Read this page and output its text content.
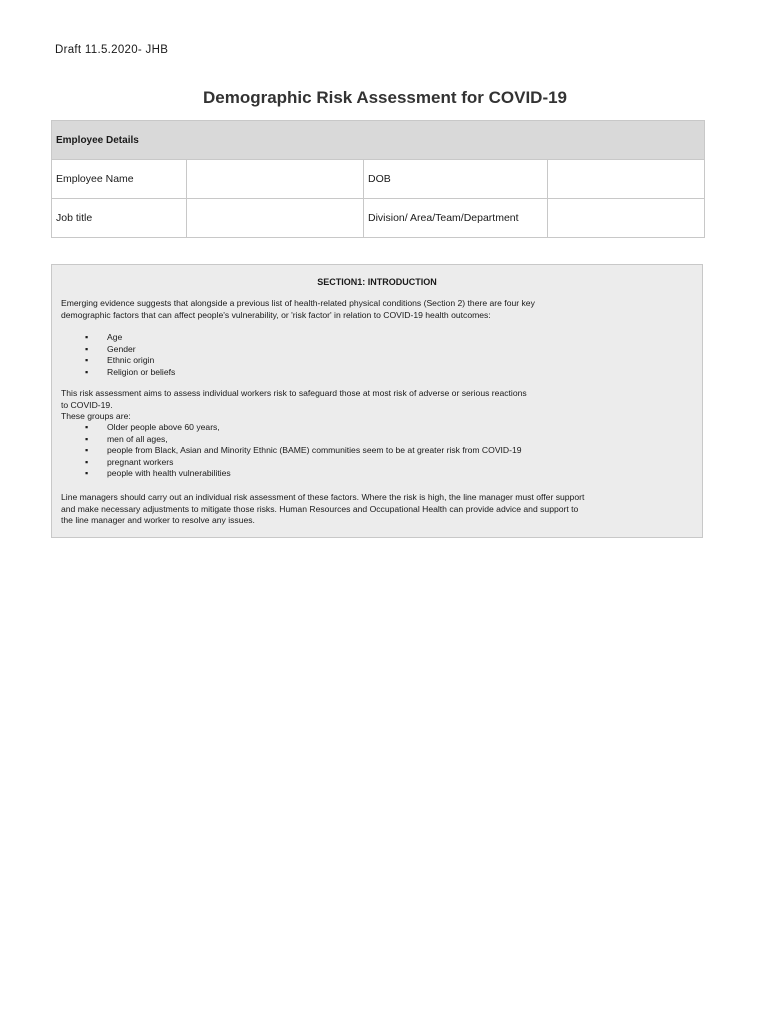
Draft 11.5.2020- JHB
Demographic Risk Assessment for COVID-19
Employee Details
Employee Name	DOB
Job title	Division/ Area/Team/Department
SECTION1: INTRODUCTION
Emerging evidence suggests that alongside a previous list of health-related physical conditions (Section 2) there are four key
demographic factors that can affect people's vulnerability, or 'risk factor' in relation to COVID-19 health outcomes:
▪ Age
▪ Gender
▪ Ethnic origin
▪ Religion or beliefs
This risk assessment aims to assess individual workers risk to safeguard those at most risk of adverse or serious reactions
to COVID-19.
These groups are:
▪ Older people above 60 years,
▪ men of all ages,
▪ people from Black, Asian and Minority Ethnic (BAME) communities seem to be at greater risk from COVID-19
▪ pregnant workers
▪ people with health vulnerabilities
Line managers should carry out an individual risk assessment of these factors. Where the risk is high, the line manager must offer support
and make necessary adjustments to mitigate those risks. Human Resources and Occupational Health can provide advice and support to
the line manager and worker to resolve any issues.
